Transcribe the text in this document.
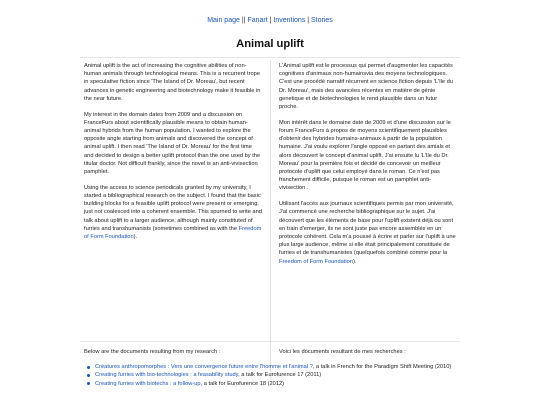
Main page || Fanart | Inventions | Stories
Animal uplift

Animal uplift is the act of increasing the cognitive abilities of non-human animals through technological means. This is a recurrent trope in speculative fiction since 'The Island of Dr. Moreau', but recent advances in genetic engineering and biotechnology make it feasible in the near future.

My interest in the domain dates from 2009 and a discussion on FranceFurs about scientifically plausible means to obtain human-animal hybrids from the human population. I wanted to explore the opposite angle starting from animals and discovered the concept of animal uplift. I then read 'The Island of Dr. Moreau' for the first time and decided to design a better uplift protocol than the one used by the titular doctor. Not difficult frankly, since the novel is an anti-vivisection pamphlet.

Using the access to science periodicals granted by my university, I started a bibliographical research on the subject. I found that the basic building blocks for a feasible uplift protocol were present or emerging, just not coalesced into a coherent ensemble. This spurned to write and talk about uplift to a larger audience, although mainly constituted of furries and transhumanists (sometimes combined as with the Freedom of Form Foundation).

L'Animal uplift est le processus qui permet d'augmenter les capacités cognitives d'animaux non-humainsvia des moyens technologiques. C'est une procédé narratif récurrent en science fiction depuis 'L'Ile du Dr. Moreau', mais des avancées récentes en matière de génie genetique et de biotechnologies le rend plausible dans un futur proche.

Mon intérêt dans le domaine date de 2009 et d'une discussion sur le forum FranceFurs à propos de moyens scientifiquement plausibles d'obtenir des hybrides humains-animaux à partir de la population humaine. J'ai voulu explorer l'angle opposé en partant des amials et alors découvert le concept d'animal uplift. J'ai ensuite lu 'L'Ile du Dr. Moreau' pour la première fois et décidé de concevoir un meilleur protocole d'uplift que celui employé dans le roman. Ce n'est pas franchement difficile, puisque le roman est un pamphlet anti-vivisection .

Utilisant l'accès aux journaux scientifiques permis par mon université, J'ai commencé une recherche bibliographique sur le sujet. J'ai découvert que les éléments de base pour l'uplift existent déjà ou sont en train d'emerger, ils ne sont juste pas encore assemblés en un protocole cohérent. Cela m'a poussé à écrire et parler sur l'uplift à une plus large audience, même si elle était principalement constituée de furries et de transhumanistes (quelquefois combiné comme pour la Freedom of Form Foundation).

Below are the documents resulting from my research :	Voici les documents resultant de mes recherches :
Créatures anthropomorphes : Vers une convergence future entre l'homme et l'animal ?, a talk in French for the Paradigm Shift Meeting (2010)
Creating furries with bio-technologies : a feasability study, a talk for Eurofurence 17 (2011)
Creating furries with biotechs : a follow-up, a talk for Eurofurence 18 (2012)
